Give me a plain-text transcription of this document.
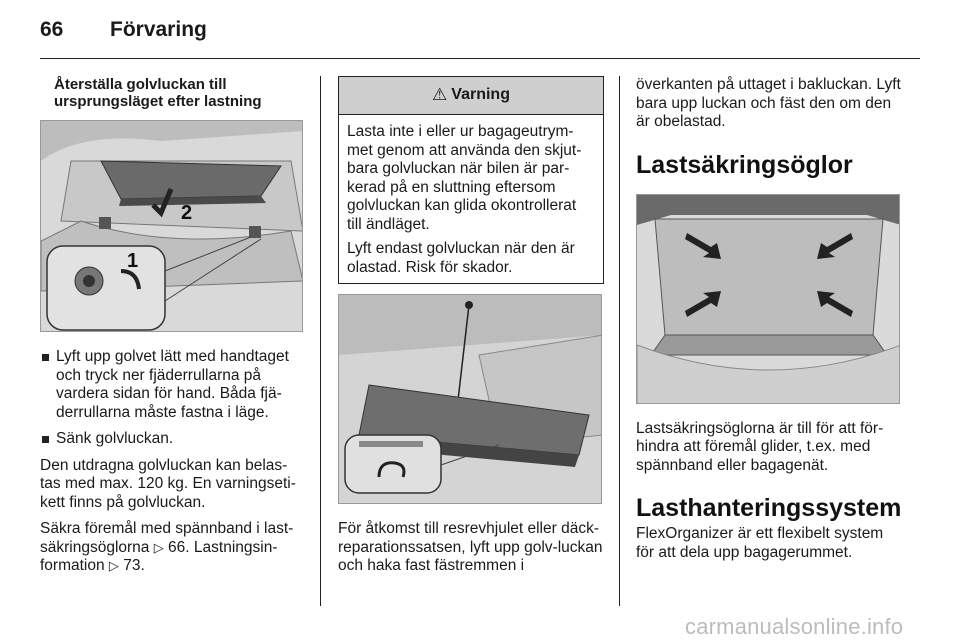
66	Förvaring
Återställa golvluckan till ursprungsläget efter lastning
2
1
Lyft upp golvet lätt med handtaget och tryck ner fjäderrullarna på vardera sidan för hand. Båda fjä-derrullarna måste fastna i läge.
Sänk golvluckan.

Den utdragna golvluckan kan belas-tas med max. 120 kg. En varningseti-kett finns på golvluckan.

Säkra föremål med spännband i last-säkringsöglorna ▷ 66. Lastningsin-formation ▷ 73.

⚠ Varning

Lasta inte i eller ur bagageutrym-met genom att använda den skjut-bara golvluckan när bilen är par-kerad på en sluttning eftersom golvluckan kan glida okontrollerat till ändläget.

Lyft endast golvluckan när den är olastad. Risk för skador.

För åtkomst till resrevhjulet eller däck-reparationssatsen, lyft upp golv-luckan och haka fast fästremmen i

överkanten på uttaget i bakluckan. Lyft bara upp luckan och fäst den om den är obelastad.

Lastsäkringsöglor

Lastsäkringsöglorna är till för att för-hindra att föremål glider, t.ex. med spännband eller bagagenät.

Lasthanteringssystem

FlexOrganizer är ett flexibelt system för att dela upp bagagerummet.

carmanualsonline.info
